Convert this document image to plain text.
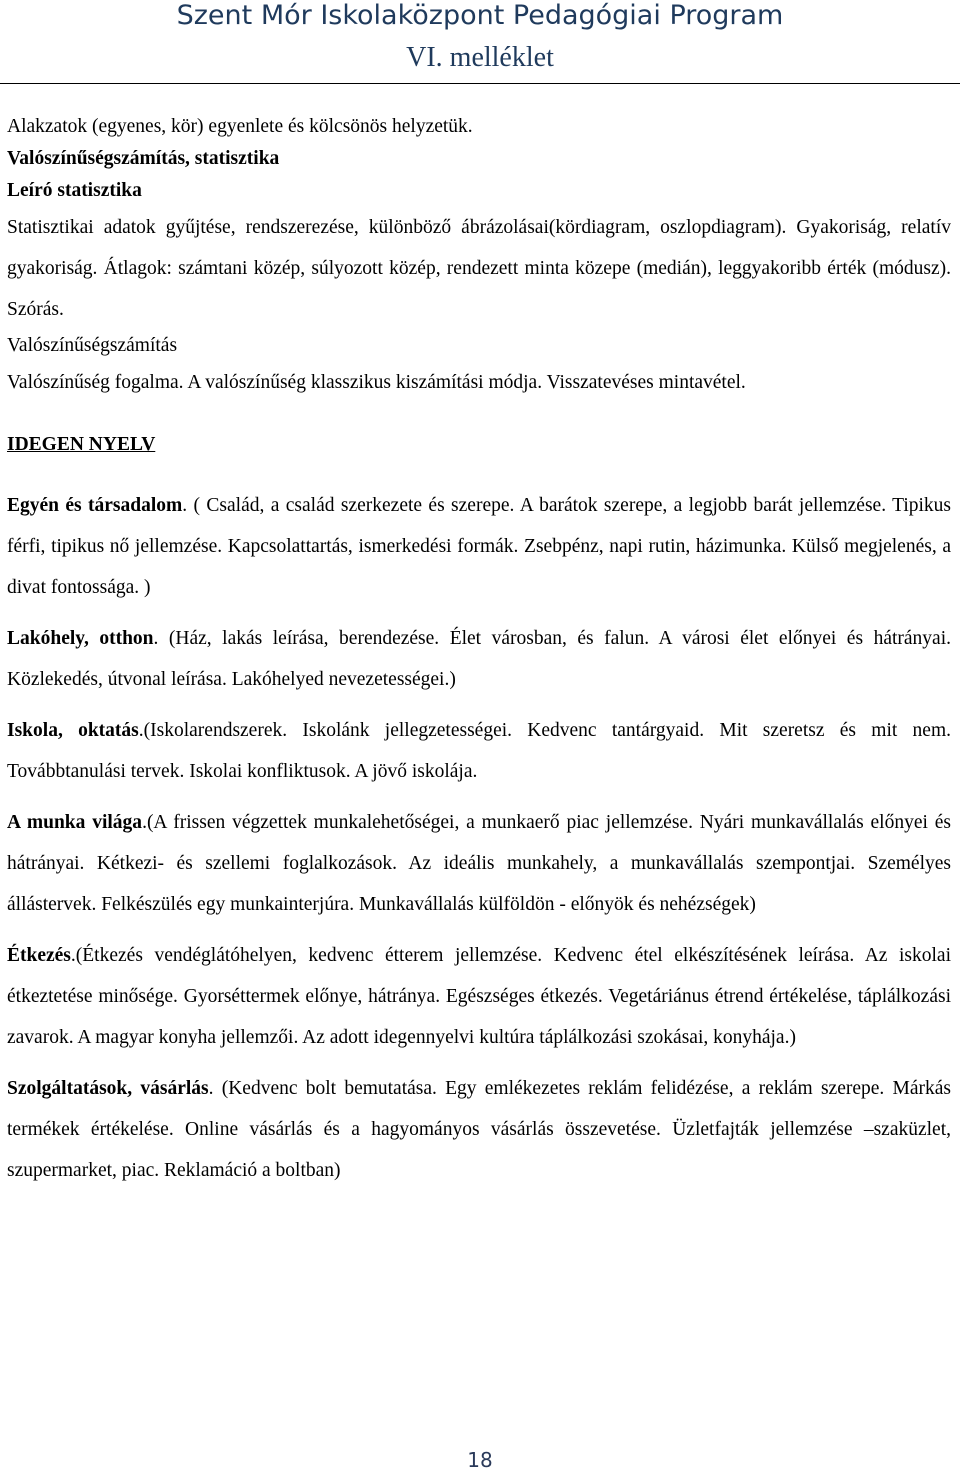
Szent Mór Iskolaközpont Pedagógiai Program
VI. melléklet

Alakzatok (egyenes, kör) egyenlete és kölcsönös helyzetük.

Valószínűségszámítás, statisztika

Leíró statisztika

Statisztikai adatok gyűjtése, rendszerezése, különböző ábrázolásai(kördiagram, oszlopdiagram). Gyakoriság, relatív gyakoriság. Átlagok: számtani közép, súlyozott közép, rendezett minta közepe (medián), leggyakoribb érték (módusz). Szórás.

Valószínűségszámítás

Valószínűség fogalma. A valószínűség klasszikus kiszámítási módja. Visszatevéses mintavétel.

IDEGEN NYELV

Egyén és társadalom. ( Család, a család szerkezete és szerepe. A barátok szerepe, a legjobb barát jellemzése. Tipikus férfi, tipikus nő jellemzése. Kapcsolattartás, ismerkedési formák. Zsebpénz, napi rutin, házimunka. Külső megjelenés, a divat fontossága. )

Lakóhely, otthon. (Ház, lakás leírása, berendezése. Élet városban, és falun. A városi élet előnyei és hátrányai. Közlekedés, útvonal leírása. Lakóhelyed nevezetességei.)

Iskola, oktatás.(Iskolarendszerek. Iskolánk jellegzetességei. Kedvenc tantárgyaid. Mit szeretsz és mit nem. Továbbtanulási tervek. Iskolai konfliktusok. A jövő iskolája.

A munka világa.(A frissen végzettek munkalehetőségei, a munkaerő piac jellemzése. Nyári munkavállalás előnyei és hátrányai. Kétkezi- és szellemi foglalkozások. Az ideális munkahely, a munkavállalás szempontjai. Személyes állástervek. Felkészülés egy munkainterjúra. Munkavállalás külföldön - előnyök és nehézségek)

Étkezés.(Étkezés vendéglátóhelyen, kedvenc étterem jellemzése. Kedvenc étel elkészítésének leírása. Az iskolai étkeztetése minősége. Gyorséttermek előnye, hátránya. Egészséges étkezés. Vegetáriánus étrend értékelése, táplálkozási zavarok. A magyar konyha jellemzői. Az adott idegennyelvi kultúra táplálkozási szokásai, konyhája.)

Szolgáltatások, vásárlás. (Kedvenc bolt bemutatása. Egy emlékezetes reklám felidézése, a reklám szerepe. Márkás termékek értékelése. Online vásárlás és a hagyományos vásárlás összevetése. Üzletfajták jellemzése –szaküzlet, szupermarket, piac. Reklamáció a boltban)

18
